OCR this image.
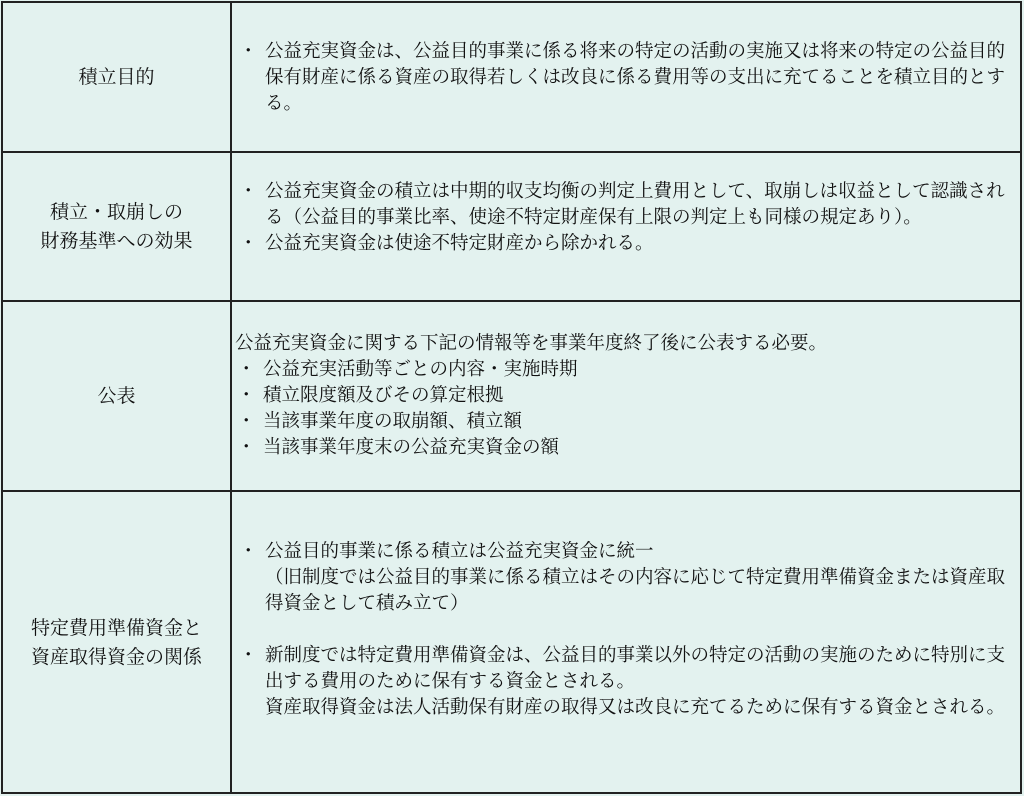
積立目的

・ 公益充実資金は、公益目的事業に係る将来の特定の活動の実施又は将来の特定の公益目的保有財産に係る資産の取得若しくは改良に係る費用等の支出に充てることを積立目的とする。

積立・取崩しの
財務基準への効果

・ 公益充実資金の積立は中期的収支均衡の判定上費用として、取崩しは収益として認識される（公益目的事業比率、使途不特定財産保有上限の判定上も同様の規定あり）。

・ 公益充実資金は使途不特定財産から除かれる。

公表

公益充実資金に関する下記の情報等を事業年度終了後に公表する必要。

・ 公益充実活動等ごとの内容・実施時期

・ 積立限度額及びその算定根拠

・ 当該事業年度の取崩額、積立額

・ 当該事業年度末の公益充実資金の額

特定費用準備資金と
資産取得資金の関係

・ 公益目的事業に係る積立は公益充実資金に統一

（旧制度では公益目的事業に係る積立はその内容に応じて特定費用準備資金または資産取得資金として積み立て）

・ 新制度では特定費用準備資金は、公益目的事業以外の特定の活動の実施のために特別に支出する費用のために保有する資金とされる。

資産取得資金は法人活動保有財産の取得又は改良に充てるために保有する資金とされる。
